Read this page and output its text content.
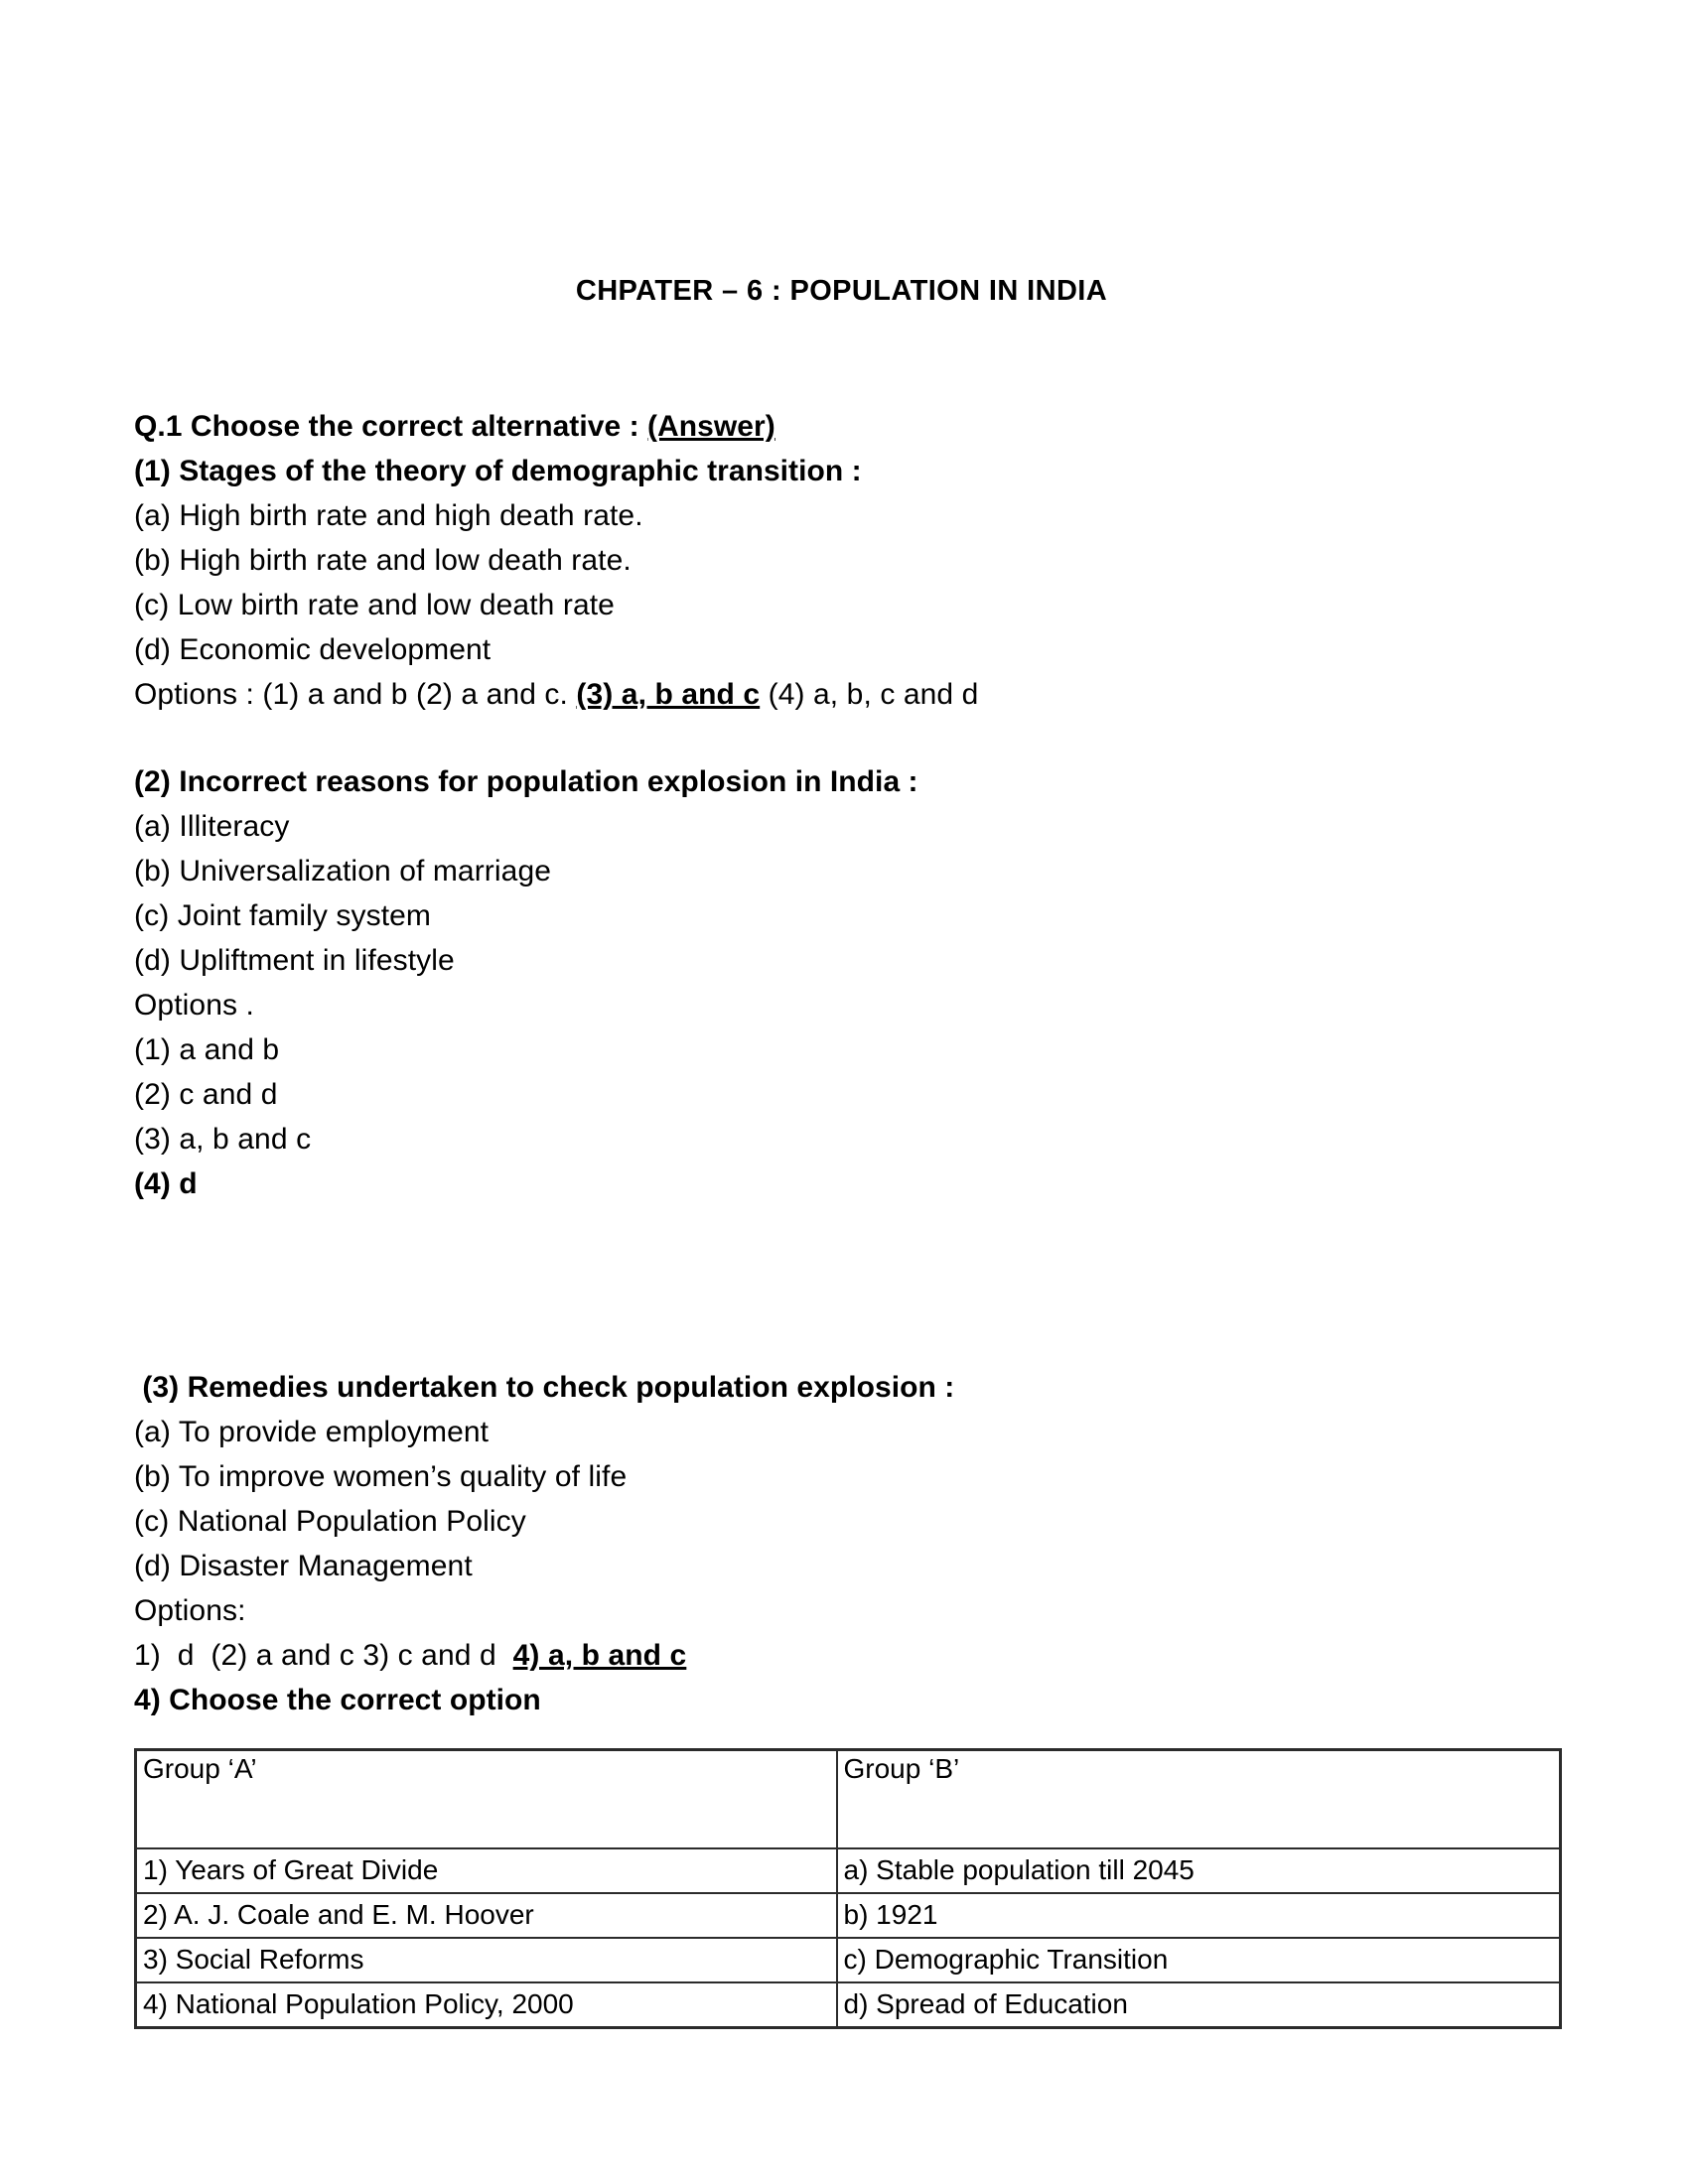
CHPATER – 6 : POPULATION IN INDIA
Q.1 Choose the correct alternative : (Answer)
(1) Stages of the theory of demographic transition :
(a) High birth rate and high death rate.
(b) High birth rate and low death rate.
(c) Low birth rate and low death rate
(d) Economic development
Options : (1) a and b (2) a and c. (3) a, b and c (4) a, b, c and d
(2) Incorrect reasons for population explosion in India :
(a) Illiteracy
(b) Universalization of marriage
(c) Joint family system
(d) Upliftment in lifestyle
Options .
(1) a and b
(2) c and d
(3) a, b and c
(4) d
(3) Remedies undertaken to check population explosion :
(a) To provide employment
(b) To improve women’s quality of life
(c) National Population Policy
(d) Disaster Management
Options:
1)  d  (2) a and c 3) c and d  4) a, b and c
4) Choose the correct option
Group ‘A’	Group ‘B’
1) Years of Great Divide	a) Stable population till 2045
2) A. J. Coale and E. M. Hoover	b) 1921
3) Social Reforms	c) Demographic Transition
4) National Population Policy, 2000	d) Spread of Education
